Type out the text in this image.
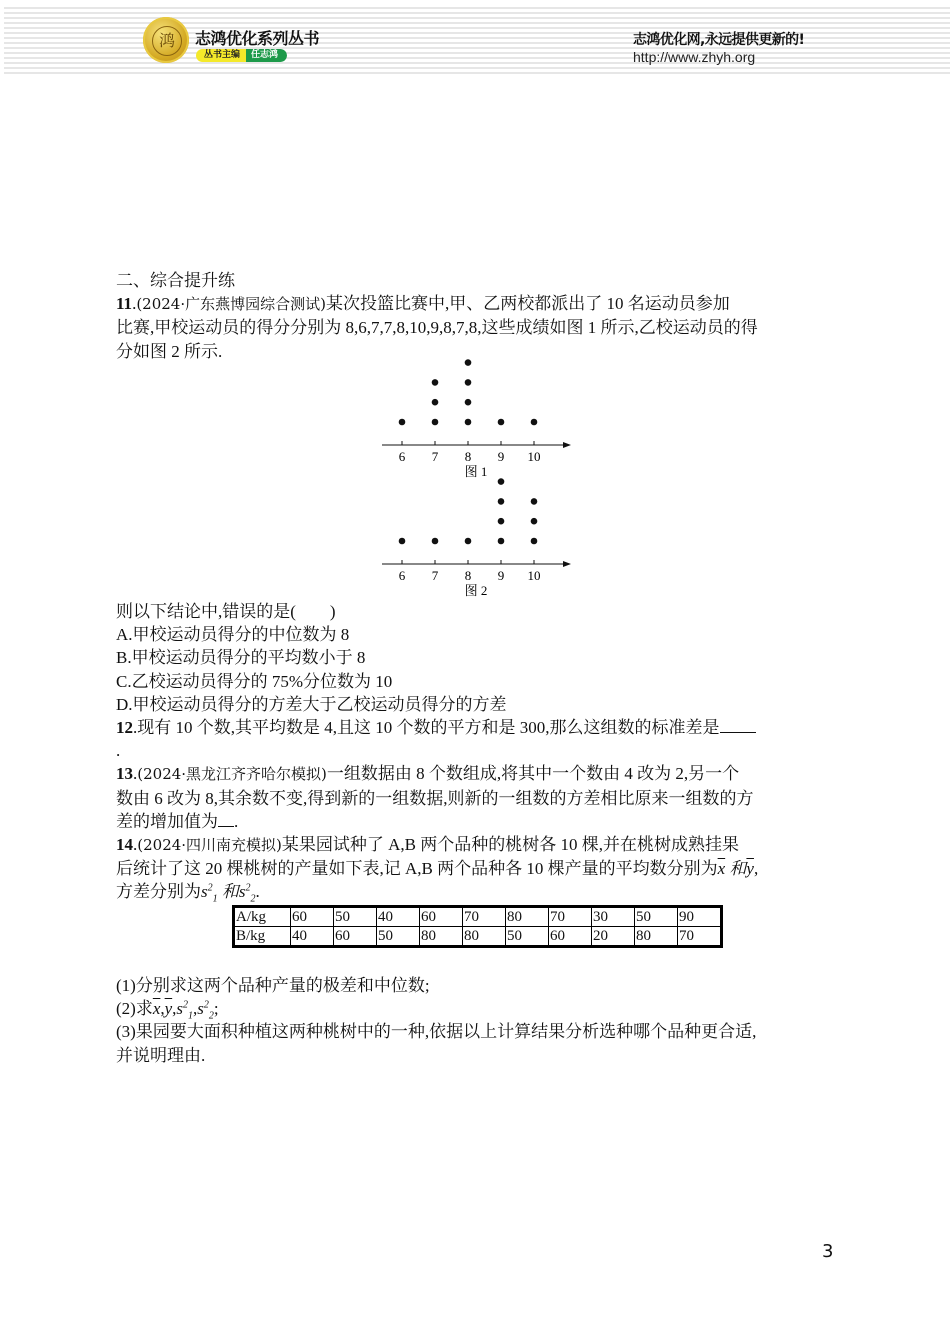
鸿	志鸿优化系列丛书
丛书主编	任志鸿
志鸿优化网,永远提供更新的!
http://www.zhyh.org

二、综合提升练

11.(2024·广东燕博园综合测试)某次投篮比赛中,甲、乙两校都派出了 10 名运动员参加

比赛,甲校运动员的得分分别为 8,6,7,7,8,10,9,8,7,8,这些成绩如图 1 所示,乙校运动员的得

分如图 2 所示.

6 7 8 9 10
图 1
6 7 8 9 10
图 2

则以下结论中,错误的是(　　)

A.甲校运动员得分的中位数为 8

B.甲校运动员得分的平均数小于 8

C.乙校运动员得分的 75%分位数为 10

D.甲校运动员得分的方差大于乙校运动员得分的方差

12.现有 10 个数,其平均数是 4,且这 10 个数的平方和是 300,那么这组数的标准差是

.

13.(2024·黑龙江齐齐哈尔模拟)一组数据由 8 个数组成,将其中一个数由 4 改为 2,另一个

数由 6 改为 8,其余数不变,得到新的一组数据,则新的一组数的方差相比原来一组数的方

差的增加值为 .

14.(2024·四川南充模拟)某果园试种了 A,B 两个品种的桃树各 10 棵,并在桃树成熟挂果

后统计了这 20 棵桃树的产量如下表,记 A,B 两个品种各 10 棵产量的平均数分别为$\overline{x}$ 和$\overline{y}$,

方差分别为$s^2_1$ 和$s^2_2$.

A/kg	60	50	40	60	70	80	70	30	50	90
B/kg	40	60	50	80	80	50	60	20	80	70

(1)分别求这两个品种产量的极差和中位数;

(2)求$\overline{x},\overline{y},s^2_1,s^2_2$;

(3)果园要大面积种植这两种桃树中的一种,依据以上计算结果分析选种哪个品种更合适,

并说明理由.

3
